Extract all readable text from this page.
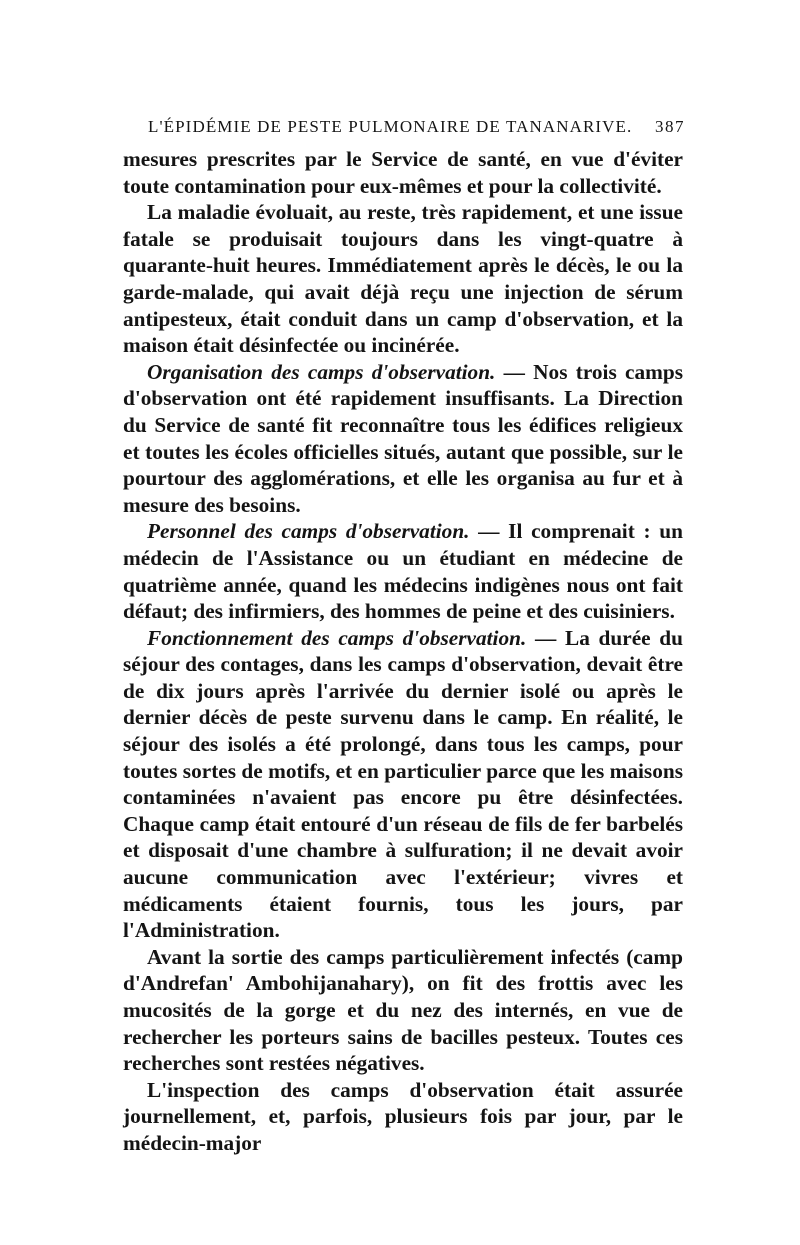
L'ÉPIDÉMIE DE PESTE PULMONAIRE DE TANANARIVE. 387

mesures prescrites par le Service de santé, en vue d'éviter toute contamination pour eux-mêmes et pour la collectivité.

La maladie évoluait, au reste, très rapidement, et une issue fatale se produisait toujours dans les vingt-quatre à quarante-huit heures. Immédiatement après le décès, le ou la garde-malade, qui avait déjà reçu une injection de sérum antipesteux, était conduit dans un camp d'observation, et la maison était désinfectée ou incinérée.

Organisation des camps d'observation. — Nos trois camps d'observation ont été rapidement insuffisants. La Direction du Service de santé fit reconnaître tous les édifices religieux et toutes les écoles officielles situés, autant que possible, sur le pourtour des agglomérations, et elle les organisa au fur et à mesure des besoins.

Personnel des camps d'observation. — Il comprenait : un médecin de l'Assistance ou un étudiant en médecine de quatrième année, quand les médecins indigènes nous ont fait défaut; des infirmiers, des hommes de peine et des cuisiniers.

Fonctionnement des camps d'observation. — La durée du séjour des contages, dans les camps d'observation, devait être de dix jours après l'arrivée du dernier isolé ou après le dernier décès de peste survenu dans le camp. En réalité, le séjour des isolés a été prolongé, dans tous les camps, pour toutes sortes de motifs, et en particulier parce que les maisons contaminées n'avaient pas encore pu être désinfectées. Chaque camp était entouré d'un réseau de fils de fer barbelés et disposait d'une chambre à sulfuration; il ne devait avoir aucune communication avec l'extérieur; vivres et médicaments étaient fournis, tous les jours, par l'Administration.

Avant la sortie des camps particulièrement infectés (camp d'Andrefan' Ambohijanahary), on fit des frottis avec les mucosités de la gorge et du nez des internés, en vue de rechercher les porteurs sains de bacilles pesteux. Toutes ces recherches sont restées négatives.

L'inspection des camps d'observation était assurée journellement, et, parfois, plusieurs fois par jour, par le médecin-major
